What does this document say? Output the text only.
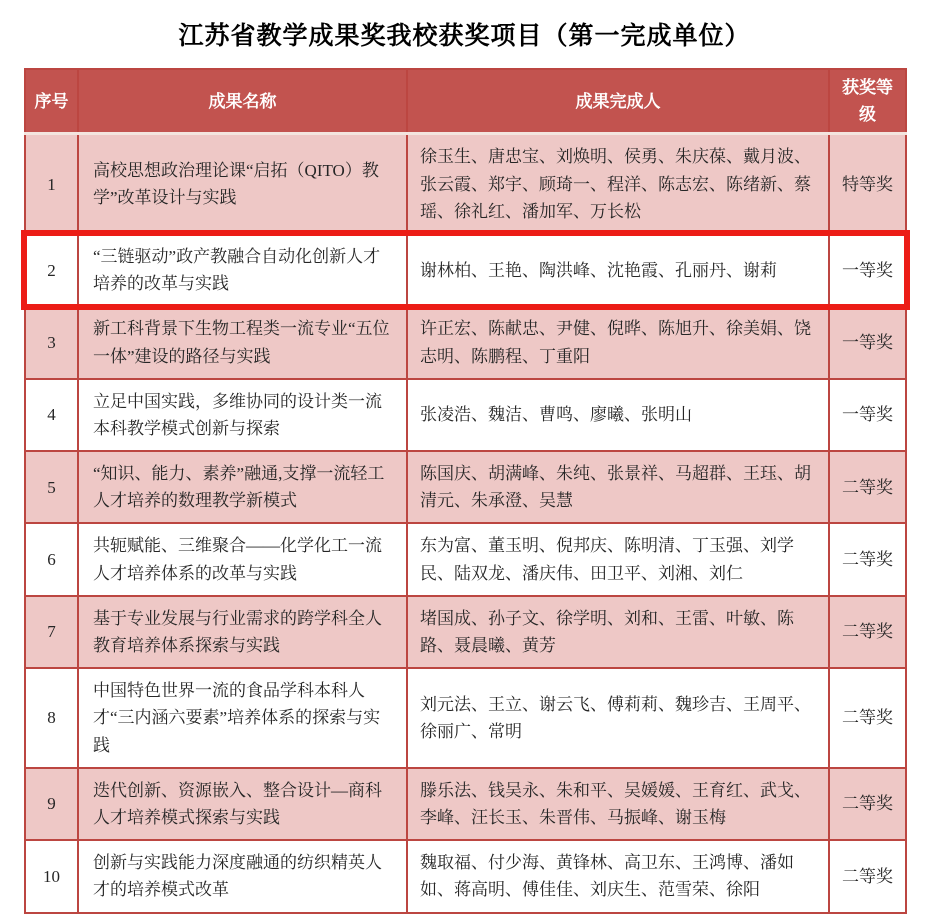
江苏省教学成果奖我校获奖项目（第一完成单位）
序号	成果名称	成果完成人	获奖等级
1	高校思想政治理论课“启拓（QITO）教学”改革设计与实践	徐玉生、唐忠宝、刘焕明、侯勇、朱庆葆、戴月波、张云霞、郑宇、顾琦一、程洋、陈志宏、陈绪新、蔡瑶、徐礼红、潘加军、万长松	特等奖
2	“三链驱动”政产教融合自动化创新人才培养的改革与实践	谢林柏、王艳、陶洪峰、沈艳霞、孔丽丹、谢莉	一等奖
3	新工科背景下生物工程类一流专业“五位一体”建设的路径与实践	许正宏、陈献忠、尹健、倪晔、陈旭升、徐美娟、饶志明、陈鹏程、丁重阳	一等奖
4	立足中国实践，多维协同的设计类一流本科教学模式创新与探索	张凌浩、魏洁、曹鸣、廖曦、张明山	一等奖
5	“知识、能力、素养”融通,支撑一流轻工人才培养的数理教学新模式	陈国庆、胡满峰、朱纯、张景祥、马超群、王珏、胡清元、朱承澄、吴慧	二等奖
6	共轭赋能、三维聚合——化学化工一流人才培养体系的改革与实践	东为富、董玉明、倪邦庆、陈明清、丁玉强、刘学民、陆双龙、潘庆伟、田卫平、刘湘、刘仁	二等奖
7	基于专业发展与行业需求的跨学科全人教育培养体系探索与实践	堵国成、孙子文、徐学明、刘和、王雷、叶敏、陈路、聂晨曦、黄芳	二等奖
8	中国特色世界一流的食品学科本科人才“三内涵六要素”培养体系的探索与实践	刘元法、王立、谢云飞、傅莉莉、魏珍吉、王周平、徐丽广、常明	二等奖
9	迭代创新、资源嵌入、整合设计—商科人才培养模式探索与实践	滕乐法、钱吴永、朱和平、吴媛媛、王育红、武戈、李峰、汪长玉、朱晋伟、马振峰、谢玉梅	二等奖
10	创新与实践能力深度融通的纺织精英人才的培养模式改革	魏取福、付少海、黄锋林、高卫东、王鸿博、潘如如、蒋高明、傅佳佳、刘庆生、范雪荣、徐阳	二等奖
